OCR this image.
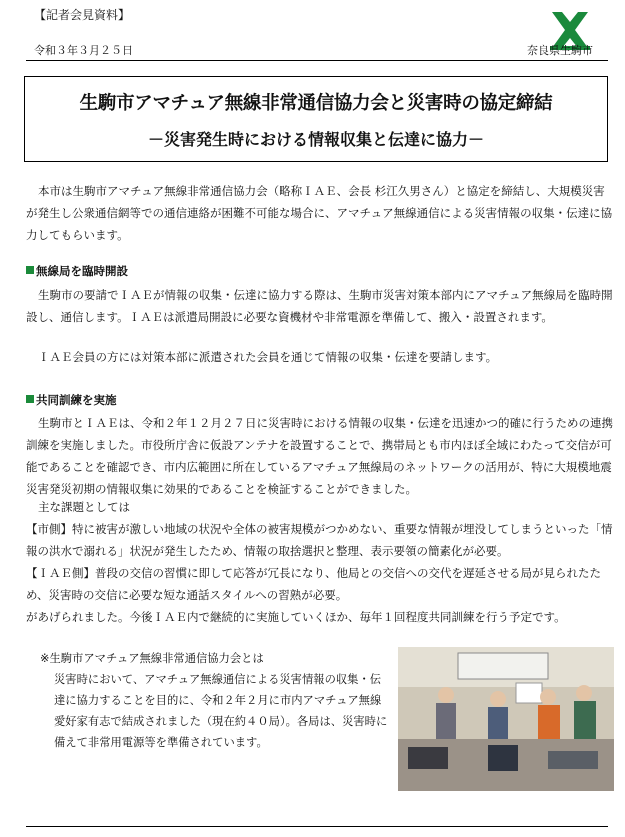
【記者会見資料】
令和３年３月２５日	奈良県生駒市
生駒市アマチュア無線非常通信協力会と災害時の協定締結
－災害発生時における情報収集と伝達に協力－
本市は生駒市アマチュア無線非常通信協力会（略称ＩＡＥ、会長 杉江久男さん）と協定を締結し、大規模災害が発生し公衆通信網等での通信連絡が困難不可能な場合に、アマチュア無線通信による災害情報の収集・伝達に協力してもらいます。
無線局を臨時開設
生駒市の要請でＩＡＥが情報の収集・伝達に協力する際は、生駒市災害対策本部内にアマチュア無線局を臨時開設し、通信します。ＩＡＥは派遣局開設に必要な資機材や非常電源を準備して、搬入・設置されます。
ＩＡＥ会員の方には対策本部に派遣された会員を通じて情報の収集・伝達を要請します。
共同訓練を実施
生駒市とＩＡＥは、令和２年１２月２７日に災害時における情報の収集・伝達を迅速かつ的確に行うための連携訓練を実施しました。市役所庁舎に仮設アンテナを設置することで、携帯局とも市内ほぼ全域にわたって交信が可能であることを確認でき、市内広範囲に所在しているアマチュア無線局のネットワークの活用が、特に大規模地震災害発災初期の情報収集に効果的であることを検証することができました。
主な課題としては
【市側】特に被害が激しい地域の状況や全体の被害規模がつかめない、重要な情報が埋没してしまうといった「情報の洪水で溺れる」状況が発生したため、情報の取捨選択と整理、表示要領の簡素化が必要。
【ＩＡＥ側】普段の交信の習慣に即して応答が冗長になり、他局との交信への交代を遅延させる局が見られたため、災害時の交信に必要な短な通話スタイルへの習熟が必要。
があげられました。今後ＩＡＥ内で継続的に実施していくほか、毎年１回程度共同訓練を行う予定です。
※生駒市アマチュア無線非常通信協力会とは
災害時において、アマチュア無線通信による災害情報の収集・伝達に協力することを目的に、令和２年２月に市内アマチュア無線愛好家有志で結成されました（現在約４０局）。各局は、災害時に備えて非常用電源等を準備されています。
